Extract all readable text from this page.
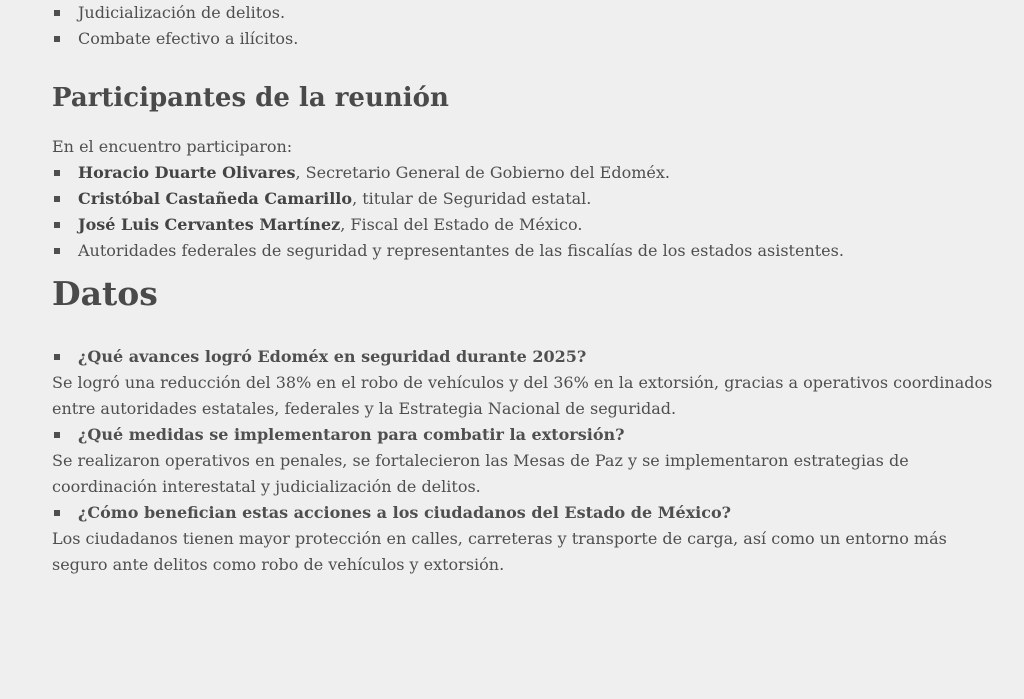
Judicialización de delitos.
Combate efectivo a ilícitos.
Participantes de la reunión

En el encuentro participaron:

Horacio Duarte Olivares, Secretario General de Gobierno del Edoméx.
Cristóbal Castañeda Camarillo, titular de Seguridad estatal.
José Luis Cervantes Martínez, Fiscal del Estado de México.
Autoridades federales de seguridad y representantes de las fiscalías de los estados asistentes.
Datos
¿Qué avances logró Edoméx en seguridad durante 2025?

Se logró una reducción del 38% en el robo de vehículos y del 36% en la extorsión, gracias a operativos coordinados entre autoridades estatales, federales y la Estrategia Nacional de seguridad.

¿Qué medidas se implementaron para combatir la extorsión?

Se realizaron operativos en penales, se fortalecieron las Mesas de Paz y se implementaron estrategias de coordinación interestatal y judicialización de delitos.

¿Cómo benefician estas acciones a los ciudadanos del Estado de México?

Los ciudadanos tienen mayor protección en calles, carreteras y transporte de carga, así como un entorno más seguro ante delitos como robo de vehículos y extorsión.
